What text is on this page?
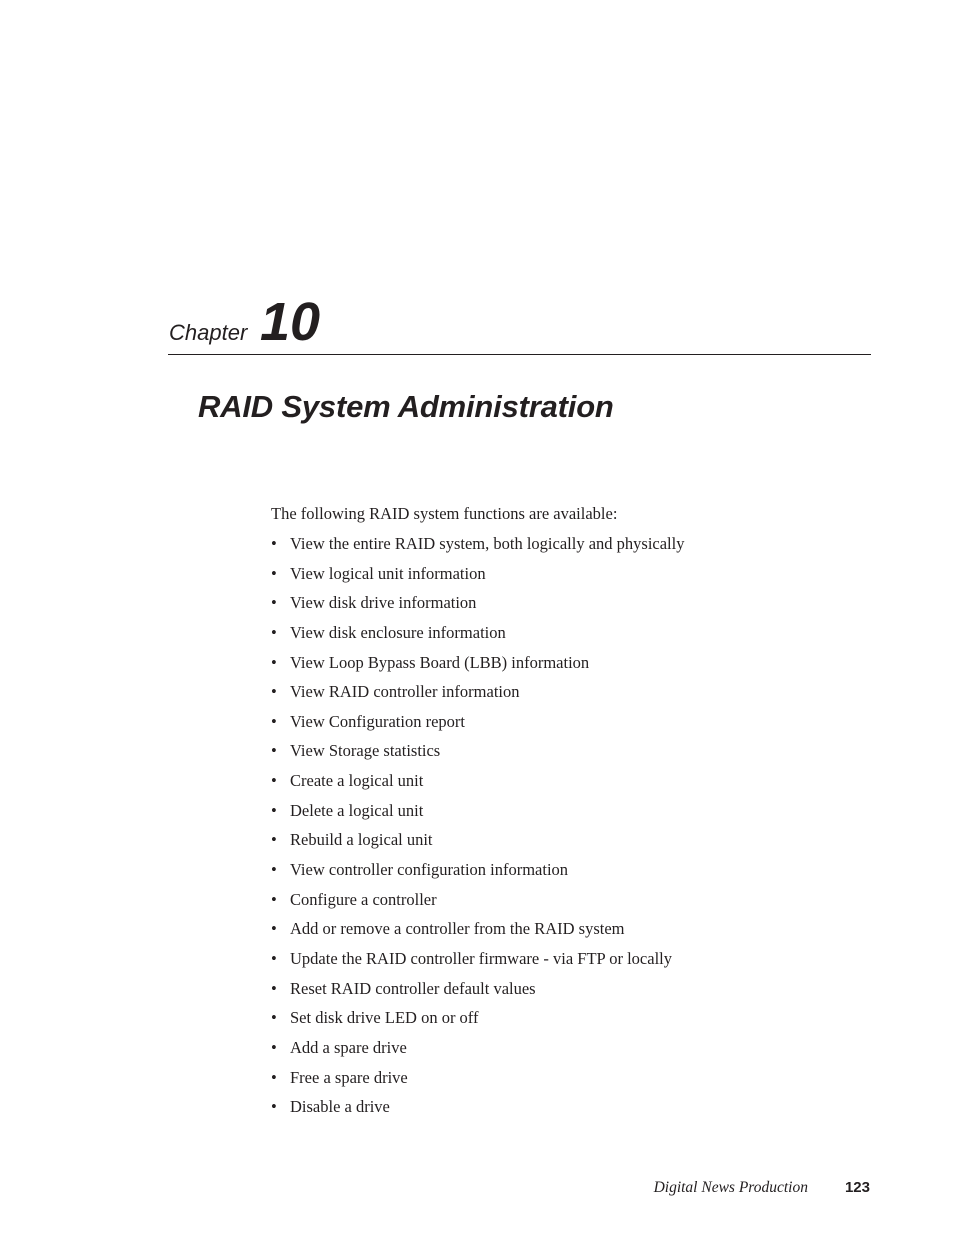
Chapter 10
RAID System Administration

The following RAID system functions are available:

• View the entire RAID system, both logically and physically
• View logical unit information
• View disk drive information
• View disk enclosure information
• View Loop Bypass Board (LBB) information
• View RAID controller information
• View Configuration report
• View Storage statistics
• Create a logical unit
• Delete a logical unit
• Rebuild a logical unit
• View controller configuration information
• Configure a controller
• Add or remove a controller from the RAID system
• Update the RAID controller firmware - via FTP or locally
• Reset RAID controller default values
• Set disk drive LED on or off
• Add a spare drive
• Free a spare drive
• Disable a drive
Digital News Production 123
